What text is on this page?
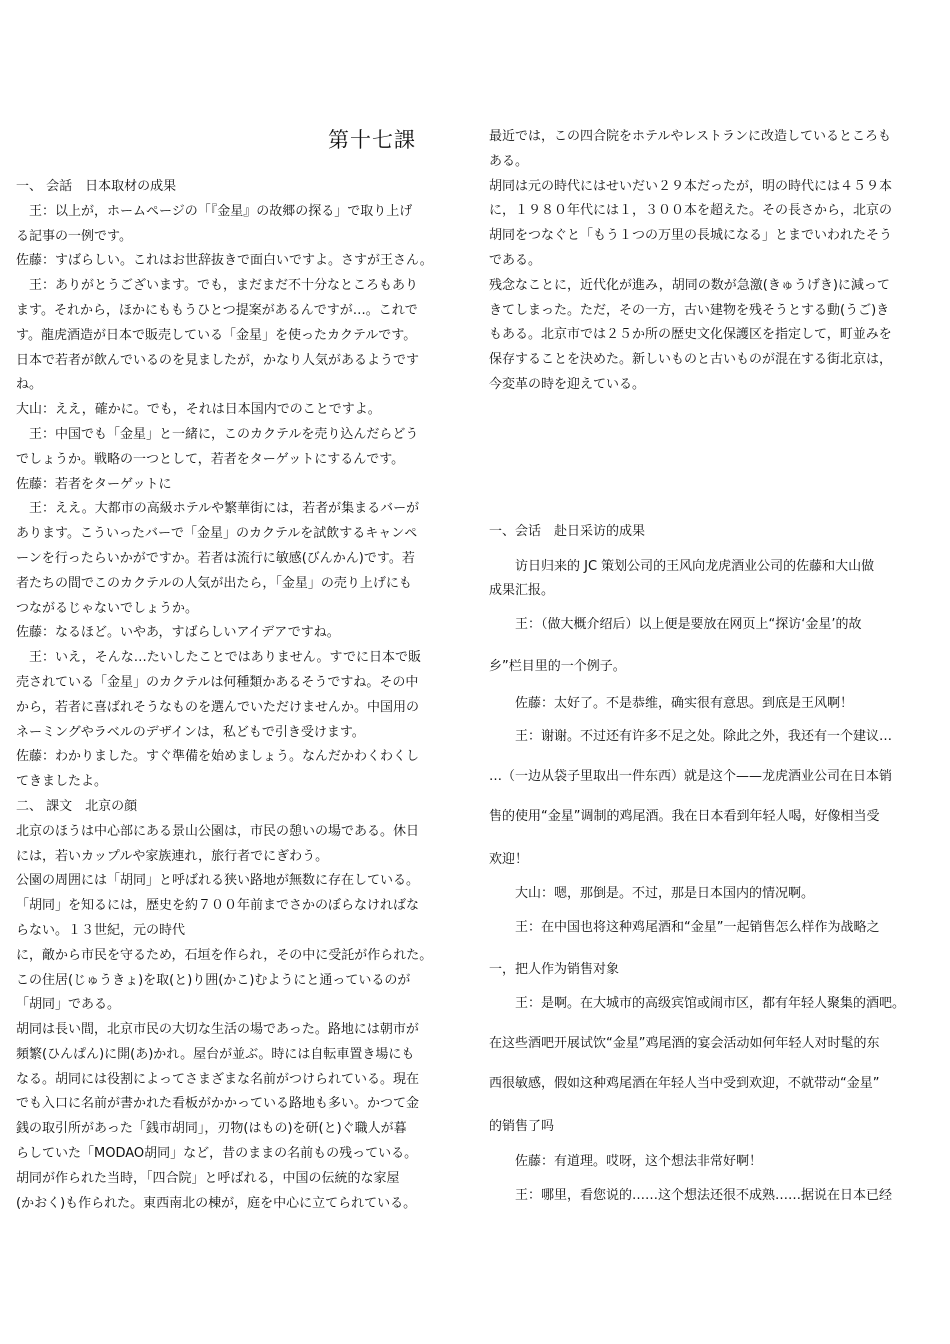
第十七課

一、 会話　日本取材の成果

　王：以上が，ホームページの「『金星』の故郷の探る」で取り上げ

る記事の一例です。

佐藤：すばらしい。これはお世辞抜きで面白いですよ。さすが王さん。

　王：ありがとうございます。でも，まだまだ不十分なところもあり

ます。それから，ほかにももうひとつ提案があるんですが…。これで

す。龍虎酒造が日本で販売している「金星」を使ったカクテルです。

日本で若者が飲んでいるのを見ましたが，かなり人気があるようです

ね。

大山：ええ，確かに。でも，それは日本国内でのことですよ。

　王：中国でも「金星」と一緒に，このカクテルを売り込んだらどう

でしょうか。戦略の一つとして，若者をターゲットにするんです。

佐藤：若者をターゲットに

　王：ええ。大都市の高級ホテルや繁華街には，若者が集まるバーが

あります。こういったバーで「金星」のカクテルを試飲するキャンペ

ーンを行ったらいかがですか。若者は流行に敏感(びんかん)です。若

者たちの間でこのカクテルの人気が出たら，「金星」の売り上げにも

つながるじゃないでしょうか。

佐藤：なるほど。いやあ，すばらしいアイデアですね。

　王：いえ，そんな…たいしたことではありません。すでに日本で販

売されている「金星」のカクテルは何種類かあるそうですね。その中

から，若者に喜ばれそうなものを選んでいただけませんか。中国用の

ネーミングやラベルのデザインは，私どもで引き受けます。

佐藤：わかりました。すぐ準備を始めましょう。なんだかわくわくし

てきましたよ。

二、 課文　北京の顔

北京のほうは中心部にある景山公園は，市民の憩いの場である。休日

には，若いカップルや家族連れ，旅行者でにぎわう。

公園の周囲には「胡同」と呼ばれる狭い路地が無数に存在している。

「胡同」を知るには，歴史を約７００年前までさかのぼらなければな

らない。１３世紀，元の時代

に，敵から市民を守るため，石垣を作られ，その中に受託が作られた。

この住居(じゅうきょ)を取(と)り囲(かこ)むようにと通っているのが

「胡同」である。

胡同は長い間，北京市民の大切な生活の場であった。路地には朝市が

頻繁(ひんぱん)に開(あ)かれ。屋台が並ぶ。時には自転車置き場にも

なる。胡同には役割によってさまざまな名前がつけられている。現在

でも入口に名前が書かれた看板がかかっている路地も多い。かつて金

銭の取引所があった「銭市胡同」，刃物(はもの)を研(と)ぐ職人が暮

らしていた「MODAO胡同」など，昔のままの名前もの残っている。

胡同が作られた当時，「四合院」と呼ばれる，中国の伝統的な家屋

(かおく)も作られた。東西南北の棟が，庭を中心に立てられている。

最近では，この四合院をホテルやレストランに改造しているところも

ある。

胡同は元の時代にはせいだい２９本だったが，明の時代には４５９本

に，１９８０年代には１，３００本を超えた。その長さから，北京の

胡同をつなぐと「もう１つの万里の長城になる」とまでいわれたそう

である。

残念なことに，近代化が進み，胡同の数が急激(きゅうげき)に減って

きてしまった。ただ，その一方，古い建物を残そうとする動(うご)き

もある。北京市では２５か所の歴史文化保護区を指定して，町並みを

保存することを決めた。新しいものと古いものが混在する街北京は，

今変革の時を迎えている。

一、会话　赴日采访的成果

　　访日归来的 JC 策划公司的王风向龙虎酒业公司的佐藤和大山做

成果汇报。

　　王：（做大概介绍后）以上便是要放在网页上“探访‘金星’的故

乡”栏目里的一个例子。

　　佐藤：太好了。不是恭维，确实很有意思。到底是王风啊！

　　王：谢谢。不过还有许多不足之处。除此之外，我还有一个建议…

…（一边从袋子里取出一件东西）就是这个——龙虎酒业公司在日本销

售的使用“金星”调制的鸡尾酒。我在日本看到年轻人喝，好像相当受

欢迎！

　　大山：嗯，那倒是。不过，那是日本国内的情况啊。

　　王：在中国也将这种鸡尾酒和“金星”一起销售怎么样作为战略之

一，把人作为销售对象

　　王：是啊。在大城市的高级宾馆或闹市区，都有年轻人聚集的酒吧。

在这些酒吧开展试饮“金星”鸡尾酒的宴会活动如何年轻人对时髦的东

西很敏感，假如这种鸡尾酒在年轻人当中受到欢迎，不就带动“金星”

的销售了吗

　　佐藤：有道理。哎呀，这个想法非常好啊！

　　王：哪里，看您说的……这个想法还很不成熟……据说在日本已经
